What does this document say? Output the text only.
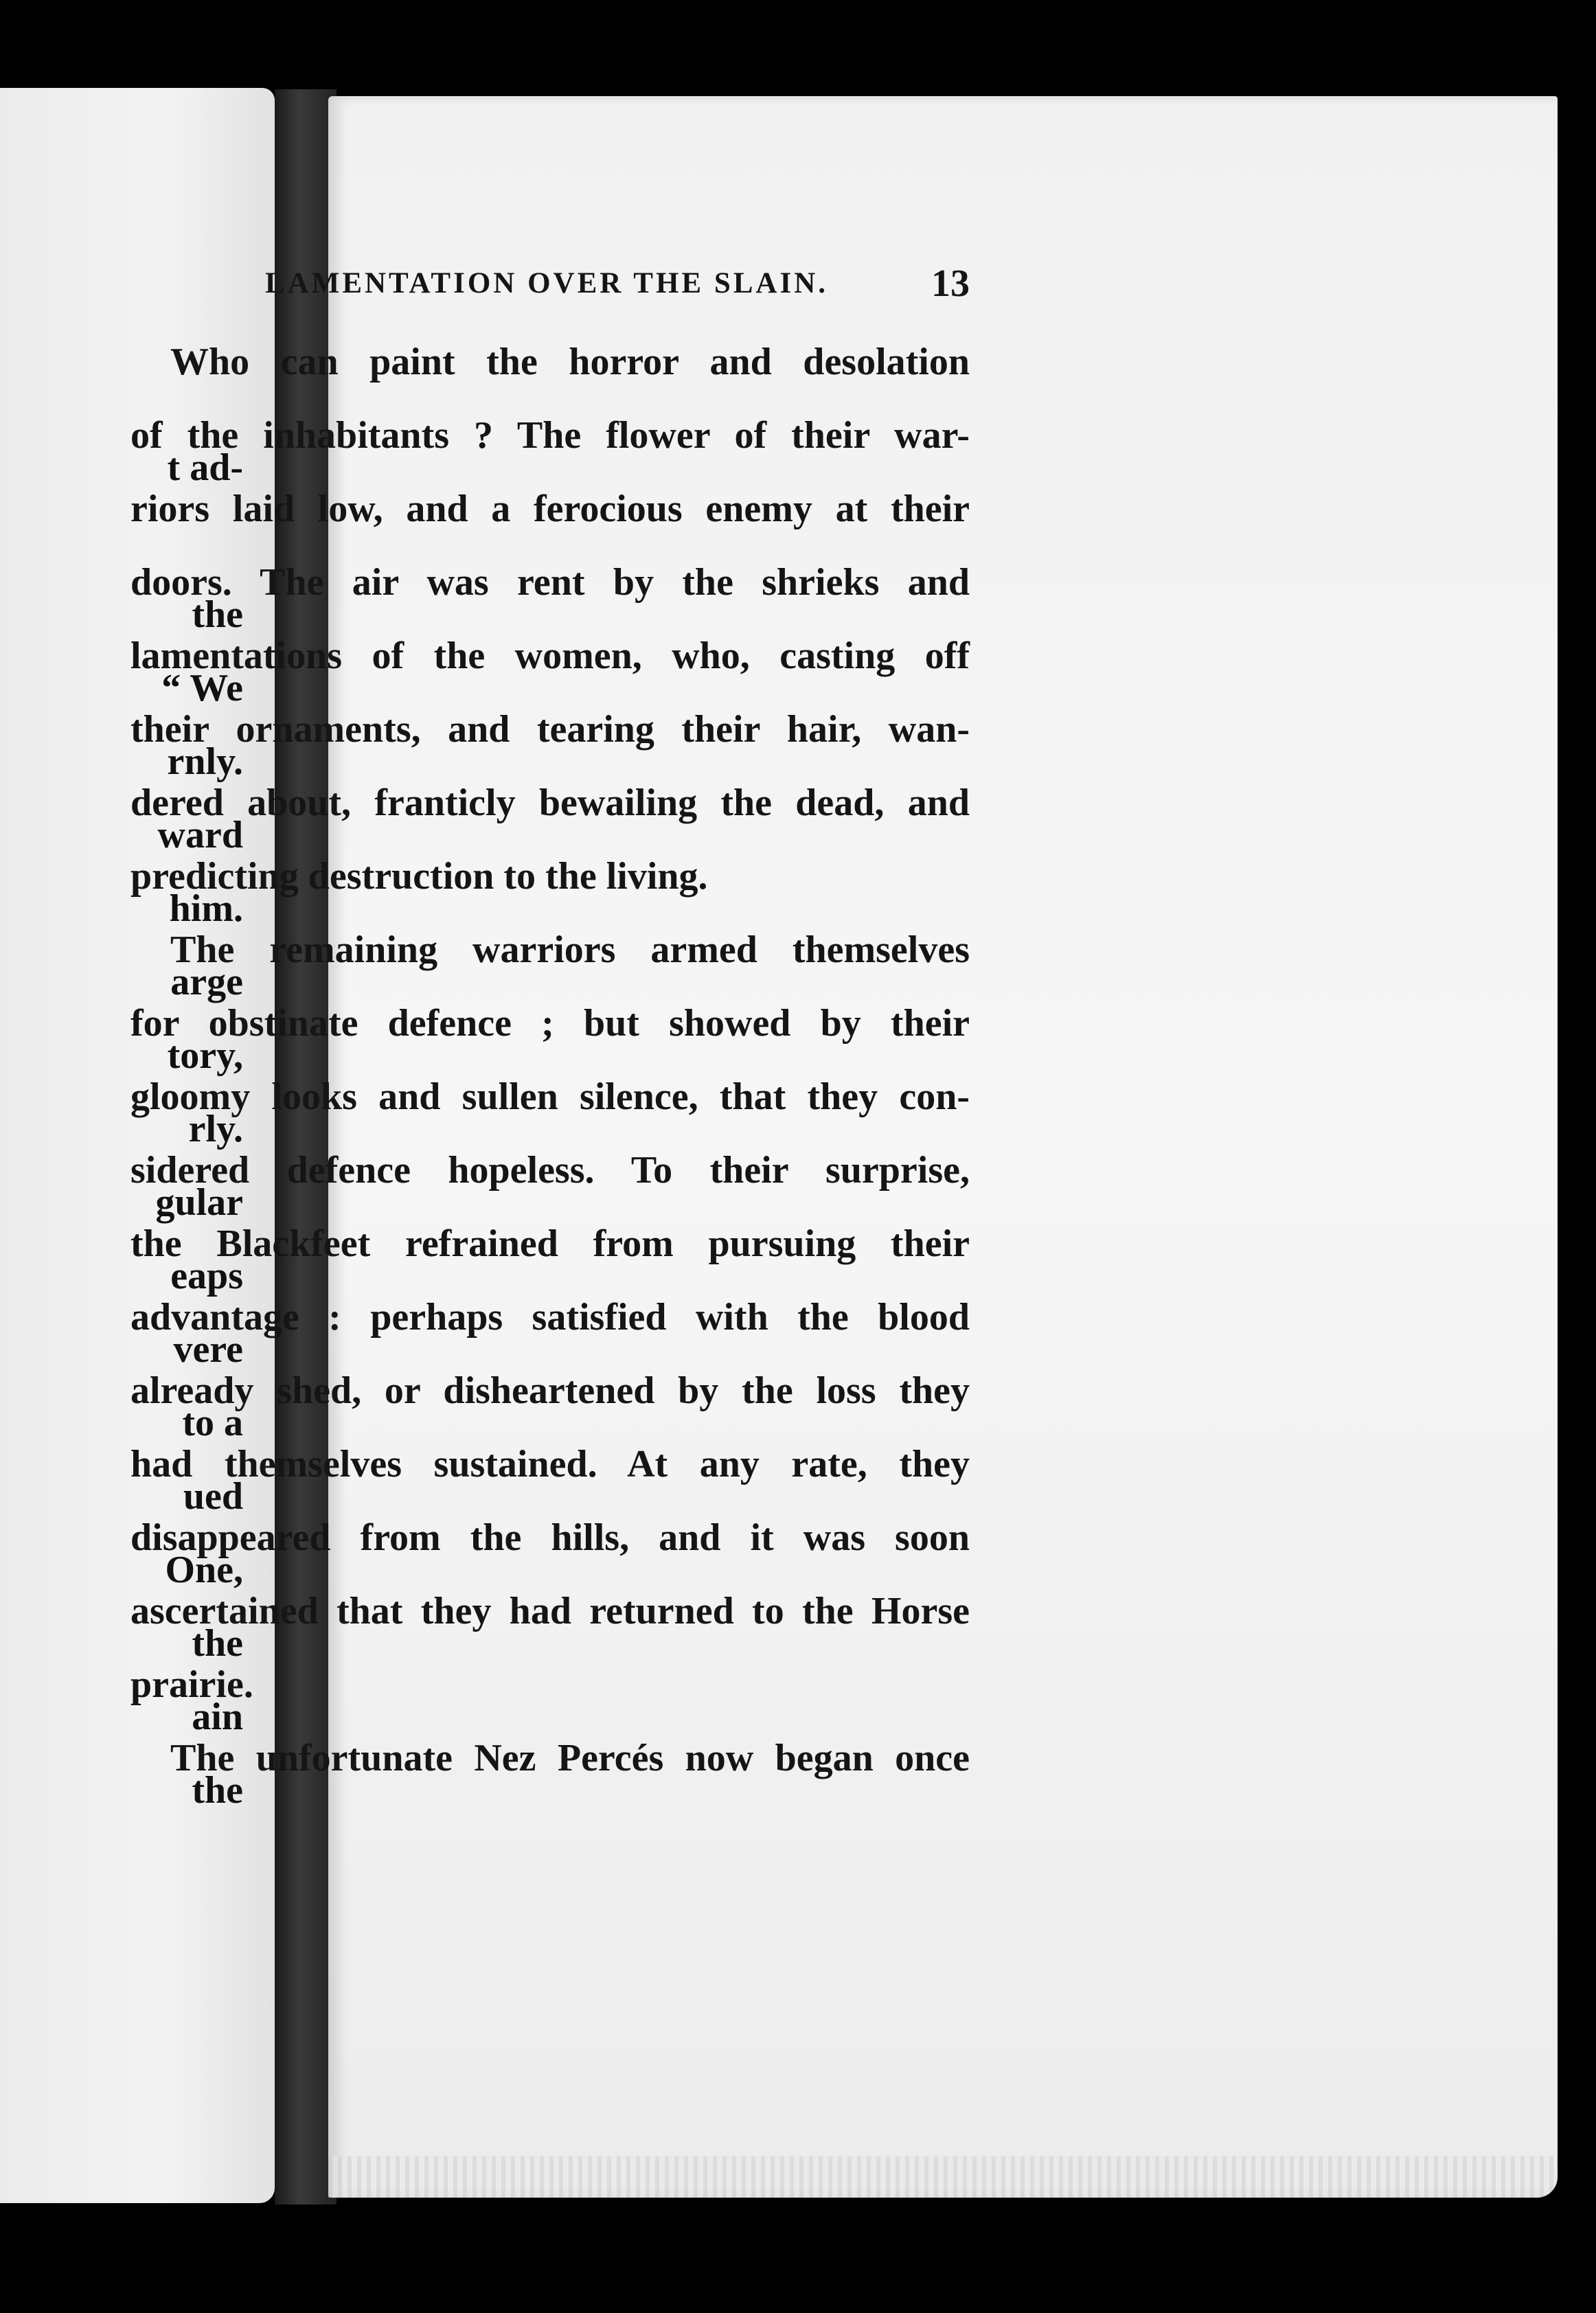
t ad-
the
“ We
rnly.
ward
him.
arge
tory,
rly.
gular
eaps
vere
to a
ued
One,
the
ain
the
LAMENTATION OVER THE SLAIN.	13
Who can paint the horror and desolation
of the inhabitants ? The flower of their war-
riors laid low, and a ferocious enemy at their
doors. The air was rent by the shrieks and
lamentations of the women, who, casting off
their ornaments, and tearing their hair, wan-
dered about, franticly bewailing the dead, and
predicting destruction to the living.
The remaining warriors armed themselves
for obstinate defence ; but showed by their
gloomy looks and sullen silence, that they con-
sidered defence hopeless. To their surprise,
the Blackfeet refrained from pursuing their
advantage : perhaps satisfied with the blood
already shed, or disheartened by the loss they
had themselves sustained. At any rate, they
disappeared from the hills, and it was soon
ascertained that they had returned to the Horse
prairie.
The unfortunate Nez Percés now began once
